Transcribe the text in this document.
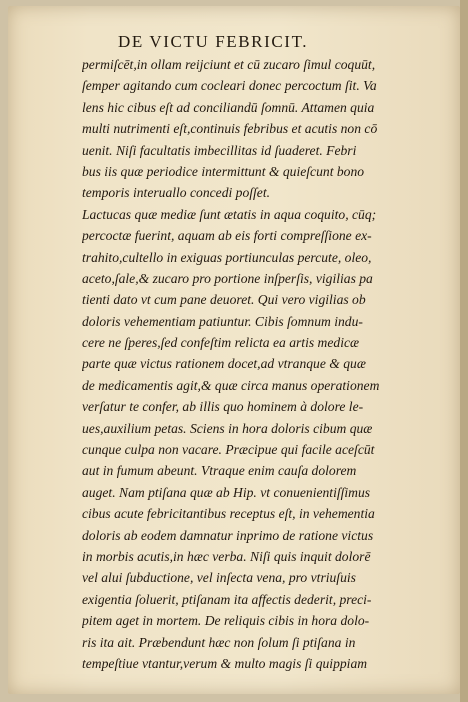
DE VICTU FEBRICIT.
permiſcēt,in ollam reijciunt et cū zucaro ſimul coquūt,
ſemper agitando cum cocleari donec percoctum ſit. Va
lens hic cibus eſt ad conciliandū ſomnū. Attamen quia
multi nutrimenti eſt,continuis febribus et acutis non cō
uenit. Niſi facultatis imbecillitas id ſuaderet. Febri
bus iis quæ periodice intermittunt & quieſcunt bono
temporis interuallo concedi poſſet.
Lactucas quæ mediæ ſunt ætatis in aqua coquito, cūq;
percoctæ fuerint, aquam ab eis forti compreſſione ex-
trahito,cultello in exiguas portiunculas percute, oleo,
aceto,ſale,& zucaro pro portione inſperſis, vigilias pa
tienti dato vt cum pane deuoret. Qui vero vigilias ob
doloris vehementiam patiuntur. Cibis ſomnum indu-
cere ne ſperes,ſed confeſtim relicta ea artis medicæ
parte quæ victus rationem docet,ad vtranque & quæ
de medicamentis agit,& quæ circa manus operationem
verſatur te confer, ab illis quo hominem à dolore le-
ues,auxilium petas. Sciens in hora doloris cibum quæ
cunque culpa non vacare. Præcipue qui facile aceſcūt
aut in fumum abeunt. Vtraque enim cauſa dolorem
auget. Nam ptiſana quæ ab Hip. vt conuenientiſſimus
cibus acute febricitantibus receptus eſt, in vehementia
doloris ab eodem damnatur inprimo de ratione victus
in morbis acutis,in hæc verba. Niſi quis inquit dolorē
vel alui ſubductione, vel inſecta vena, pro vtriuſuis
exigentia ſoluerit, ptiſanam ita affectis dederit, preci-
pitem aget in mortem. De reliquis cibis in hora dolo-
ris ita ait. Præbendunt hæc non ſolum ſi ptiſana in
tempeſtiue vtantur,verum & multo magis ſi quippiam
